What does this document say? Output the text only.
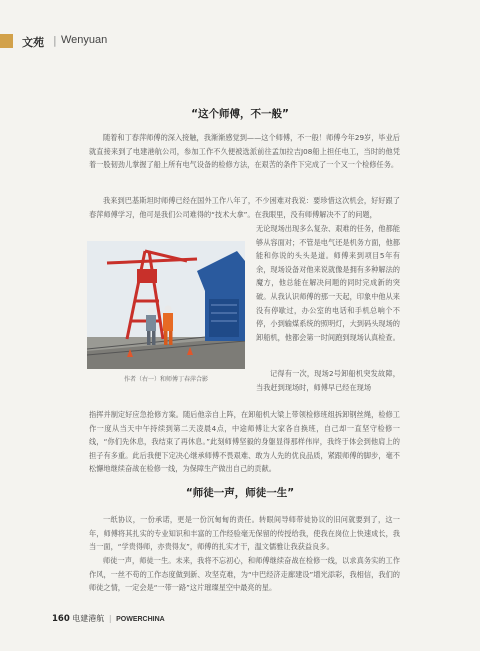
文苑 | Wenyuan
“这个师傅，不一般”

随着和丁春萍师傅的深入接触，我渐渐感觉到——这个师傅，不一般！师傅今年29岁，毕业后就直接来到了电建港航公司，参加工作不久便被选派前往孟加拉吉J08船上担任电工，当时的他凭着一股韧劲儿掌握了船上所有电气设备的检修方法，在艰苦的条件下完成了一个又一个检修任务。

我来到巴基斯坦时师傅已经在国外工作八年了，不少困难对我说：要珍惜这次机会，好好跟了春萍师傅学习，他可是我们公司难得的“技术大拿”。在我眼里，没有师傅解决不了的问题，

无论现场出现多么复杂、艰难的任务，他都能够从容面对；不管是电气还是机务方面，他都能和你说的头头是道。师傅来到项目5年有余，现场设备对他来说就像是拥有多种解法的魔方，他总能在解决问题的同时完成新的突破。从我认识师傅的那一天起，印象中他从来没有停歇过，办公室的电话和手机总响个不停，小到输煤系统的照明灯，大到码头现场的卸船机，他都会第一时间跑到现场认真检查。

作者（右一）和师傅丁春萍合影

记得有一次，现场2号卸船机突发故障，当我赶到现场时，师傅早已经在现场

指挥并制定好应急抢修方案。随后他亲自上阵，在卸船机大梁上带领检修班组拆卸钢丝绳，检修工作一度从当天中午持续到第二天凌晨4点，中途师傅让大家各自换班，自己却一直坚守检修一线，“你们先休息，我结束了再休息。”此刻师傅坚毅的身躯显得那样伟岸，我终于体会到他肩上的担子有多重。此后我便下定决心继承师傅不畏艰难、敢为人先的优良品质，紧跟师傅的脚步，毫不松懈地继续奋战在检修一线，为保障生产做出自己的贡献。

“师徒一声，师徒一生”

一纸协议，一份承诺，更是一份沉甸甸的责任。转眼间导师带徒协议的旧问就要到了，这一年，师傅将其扎实的专业知识和丰富的工作经验毫无保留的传授给我，使我在岗位上快速成长，我当一面，“学贵得师，亦贵得友”，师傅的扎实才干，温文儒雅让我获益良多。

师徒一声，师徒一生。未来，我将不忘初心，和师傅继续奋战在检修一线，以求真务实的工作作风，一丝不苟的工作态度做到新、攻坚克难，为“中巴经济走廊建设”增光添彩，我相信，我们的师徒之情，一定会是“一带一路”这片璀璨星空中最亮的星。

160 电建港航 | POWERCHINA
